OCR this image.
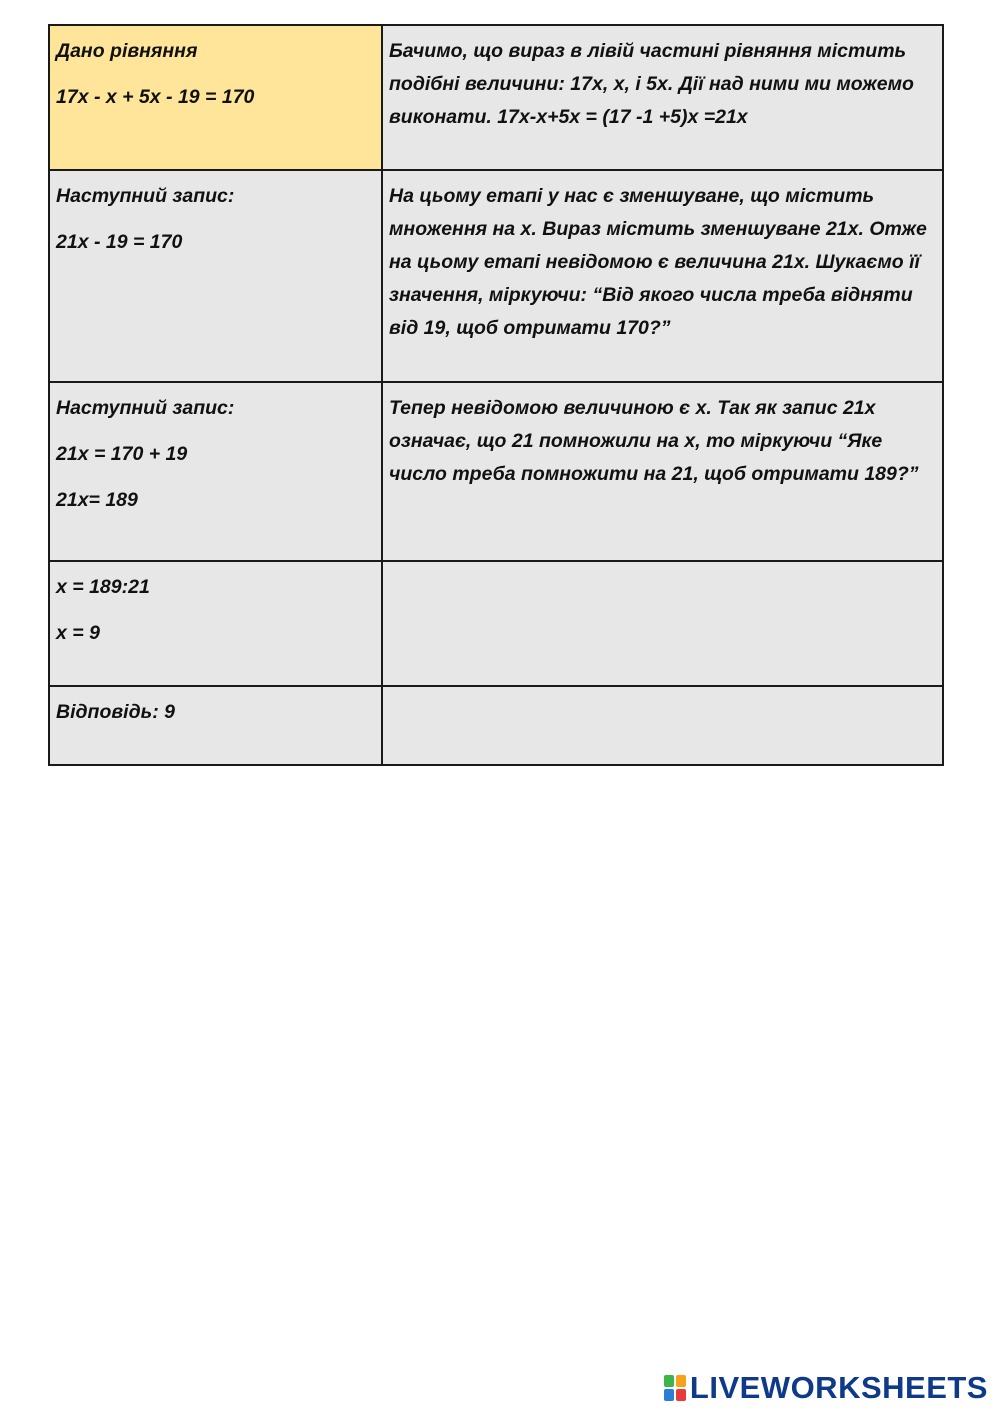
Дано рівняння
17х - х + 5х - 19 = 170	Бачимо, що вираз в лівій частині рівняння містить подібні величини: 17х, х, і 5х. Дії над ними ми можемо виконати. 17х-х+5х = (17 -1 +5)х =21х

Наступний запис:
21х - 19 = 170	На цьому етапі у нас є зменшуване, що містить множення на х. Вираз містить зменшуване 21х. Отже на цьому етапі невідомою є величина 21х. Шукаємо її значення, міркуючи: “Від якого числа треба відняти від 19, щоб отримати 170?”

Наступний запис:
21х = 170 + 19
21х= 189	Тепер невідомою величиною є х. Так як запис 21х означає, що 21 помножили на х, то міркуючи “Яке число треба помножити на 21, щоб отримати 189?”

х = 189:21
х = 9	

Відповідь: 9	

LIVEWORKSHEETS
